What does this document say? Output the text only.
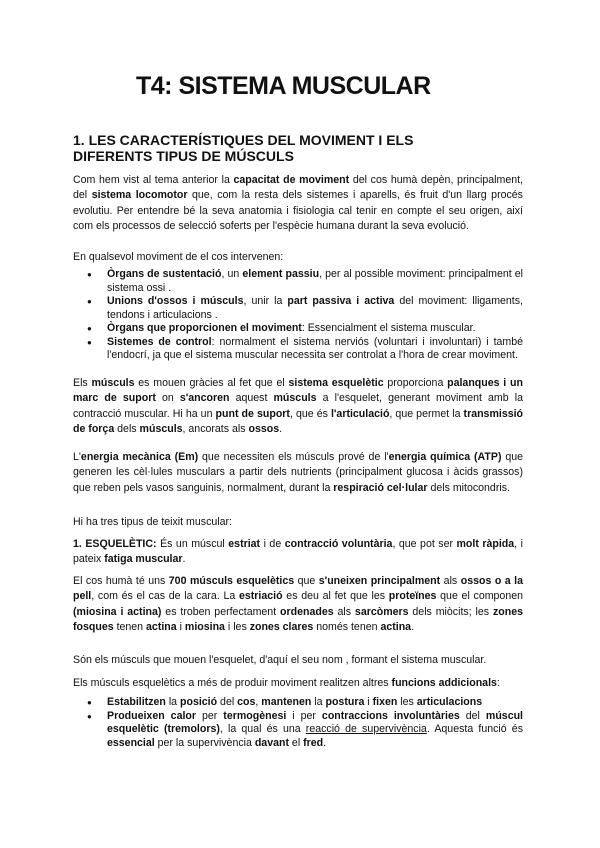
T4: SISTEMA MUSCULAR
1. LES CARACTERÍSTIQUES DEL MOVIMENT I ELS DIFERENTS TIPUS DE MÚSCULS

Com hem vist al tema anterior la capacitat de moviment del cos humà depèn, principalment, del sistema locomotor que, com la resta dels sistemes i aparells, és fruit d'un llarg procés evolutiu. Per entendre bé la seva anatomia i fisiologia cal tenir en compte el seu origen, així com els processos de selecció soferts per l'espècie humana durant la seva evolució.

En qualsevol moviment de el cos intervenen:

● Òrgans de sustentació, un element passiu, per al possible moviment: principalment el sistema ossi .
● Unions d'ossos i músculs, unir la part passiva i activa del moviment: lligaments, tendons i articulacions .
● Òrgans que proporcionen el moviment: Essencialment el sistema muscular.
● Sistemes de control: normalment el sistema nerviós (voluntari i involuntari) i també l'endocrí, ja que el sistema muscular necessita ser controlat a l'hora de crear moviment.

Els músculs es mouen gràcies al fet que el sistema esquelètic proporciona palanques i un marc de suport on s'ancoren aquest músculs a l'esquelet, generant moviment amb la contracció muscular. Hi ha un punt de suport, que és l'articulació, que permet la transmissió de força dels músculs, ancorats als ossos.

L'energia mecànica (Em) que necessiten els músculs prové de l'energia química (ATP) que generen les cèl·lules musculars a partir dels nutrients (principalment glucosa i àcids grassos) que reben pels vasos sanguinis, normalment, durant la respiració cel·lular dels mitocondris.

Hi ha tres tipus de teixit muscular:

1. ESQUELÈTIC: És un múscul estriat i de contracció voluntària, que pot ser molt ràpida, i pateix fatiga muscular.

El cos humà té uns 700 músculs esquelètics que s'uneixen principalment als ossos o a la pell, com és el cas de la cara. La estriació es deu al fet que les proteïnes que el componen (miosina i actina) es troben perfectament ordenades als sarcòmers dels miòcits; les zones fosques tenen actina i miosina i les zones clares només tenen actina.

Són els músculs que mouen l'esquelet, d'aquí el seu nom , formant el sistema muscular.

Els músculs esquelètics a més de produir moviment realitzen altres funcions addicionals:

● Estabilitzen la posició del cos, mantenen la postura i fixen les articulacions
● Produeixen calor per termogènesi i per contraccions involuntàries del múscul esquelètic (tremolors), la qual és una reacció de supervivència. Aquesta funció és essencial per la supervivència davant el fred.
